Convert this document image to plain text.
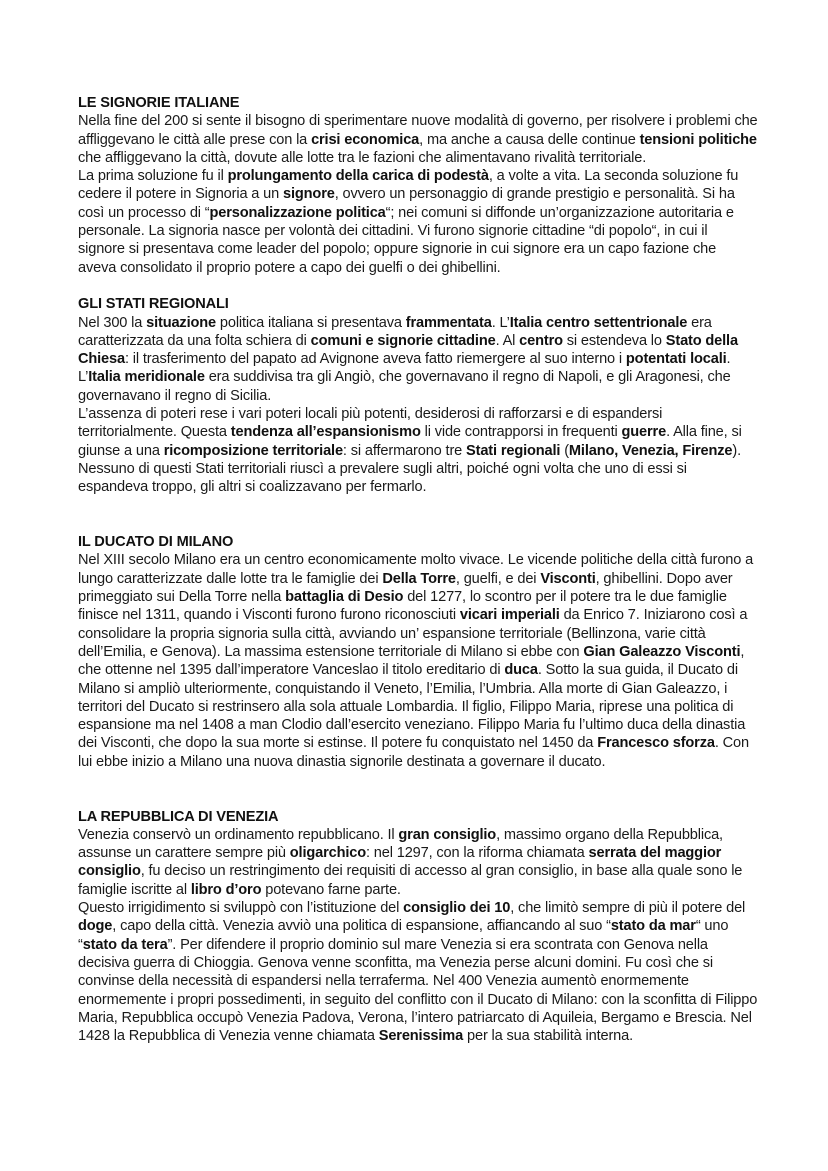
LE SIGNORIE ITALIANE

Nella fine del 200 si sente il bisogno di sperimentare nuove modalità di governo, per risolvere i problemi che affliggevano le città alle prese con la crisi economica, ma anche a causa delle continue tensioni politiche che affliggevano la città, dovute alle lotte tra le fazioni che alimentavano rivalità territoriale.

La prima soluzione fu il prolungamento della carica di podestà, a volte a vita. La seconda soluzione fu cedere il potere in Signoria a un signore, ovvero un personaggio di grande prestigio e personalità. Si ha così un processo di “personalizzazione politica“; nei comuni si diffonde un’organizzazione autoritaria e personale. La signoria nasce per volontà dei cittadini. Vi furono signorie cittadine “di popolo“, in cui il signore si presentava come leader del popolo; oppure signorie in cui signore era un capo fazione che aveva consolidato il proprio potere a capo dei guelfi o dei ghibellini.

GLI STATI REGIONALI

Nel 300 la situazione politica italiana si presentava frammentata. L’Italia centro settentrionale era caratterizzata da una folta schiera di comuni e signorie cittadine. Al centro si estendeva lo Stato della Chiesa: il trasferimento del papato ad Avignone aveva fatto riemergere al suo interno i potentati locali. L’Italia meridionale era suddivisa tra gli Angiò, che governavano il regno di Napoli, e gli Aragonesi, che governavano il regno di Sicilia.

L’assenza di poteri rese i vari poteri locali più potenti, desiderosi di rafforzarsi e di espandersi territorialmente. Questa tendenza all’espansionismo li vide contrapporsi in frequenti guerre. Alla fine, si giunse a una ricomposizione territoriale: si affermarono tre Stati regionali (Milano, Venezia, Firenze). Nessuno di questi Stati territoriali riuscì a prevalere sugli altri, poiché ogni volta che uno di essi si espandeva troppo, gli altri si coalizzavano per fermarlo.

IL DUCATO DI MILANO

Nel XIII secolo Milano era un centro economicamente molto vivace. Le vicende politiche della città furono a lungo caratterizzate dalle lotte tra le famiglie dei Della Torre, guelfi, e dei Visconti, ghibellini. Dopo aver primeggiato sui Della Torre nella battaglia di Desio del 1277, lo scontro per il potere tra le due famiglie finisce nel 1311, quando i Visconti furono furono riconosciuti vicari imperiali da Enrico 7. Iniziarono così a consolidare la propria signoria sulla città, avviando un’ espansione territoriale (Bellinzona, varie città dell’Emilia, e Genova). La massima estensione territoriale di Milano si ebbe con Gian Galeazzo Visconti, che ottenne nel 1395 dall’imperatore Vanceslao il titolo ereditario di duca. Sotto la sua guida, il Ducato di Milano si ampliò ulteriormente, conquistando il Veneto, l’Emilia, l’Umbria. Alla morte di Gian Galeazzo, i territori del Ducato si restrinsero alla sola attuale Lombardia. Il figlio, Filippo Maria, riprese una politica di espansione ma nel 1408 a man Clodio dall’esercito veneziano. Filippo Maria fu l’ultimo duca della dinastia dei Visconti, che dopo la sua morte si estinse. Il potere fu conquistato nel 1450 da Francesco sforza. Con lui ebbe inizio a Milano una nuova dinastia signorile destinata a governare il ducato.

LA REPUBBLICA DI VENEZIA

Venezia conservò un ordinamento repubblicano. Il gran consiglio, massimo organo della Repubblica, assunse un carattere sempre più oligarchico: nel 1297, con la riforma chiamata serrata del maggior consiglio, fu deciso un restringimento dei requisiti di accesso al gran consiglio, in base alla quale sono le famiglie iscritte al libro d’oro potevano farne parte.

Questo irrigidimento si sviluppò con l’istituzione del consiglio dei 10, che limitò sempre di più il potere del doge, capo della città. Venezia avviò una politica di espansione, affiancando al suo “stato da mar“ uno “stato da tera”. Per difendere il proprio dominio sul mare Venezia si era scontrata con Genova nella decisiva guerra di Chioggia. Genova venne sconfitta, ma Venezia perse alcuni domini. Fu così che si convinse della necessità di espandersi nella terraferma. Nel 400 Venezia aumentò enormemente enormemente i propri possedimenti, in seguito del conflitto con il Ducato di Milano: con la sconfitta di Filippo Maria, Repubblica occupò Venezia Padova, Verona, l’intero patriarcato di Aquileia, Bergamo e Brescia. Nel 1428 la Repubblica di Venezia venne chiamata Serenissima per la sua stabilità interna.
